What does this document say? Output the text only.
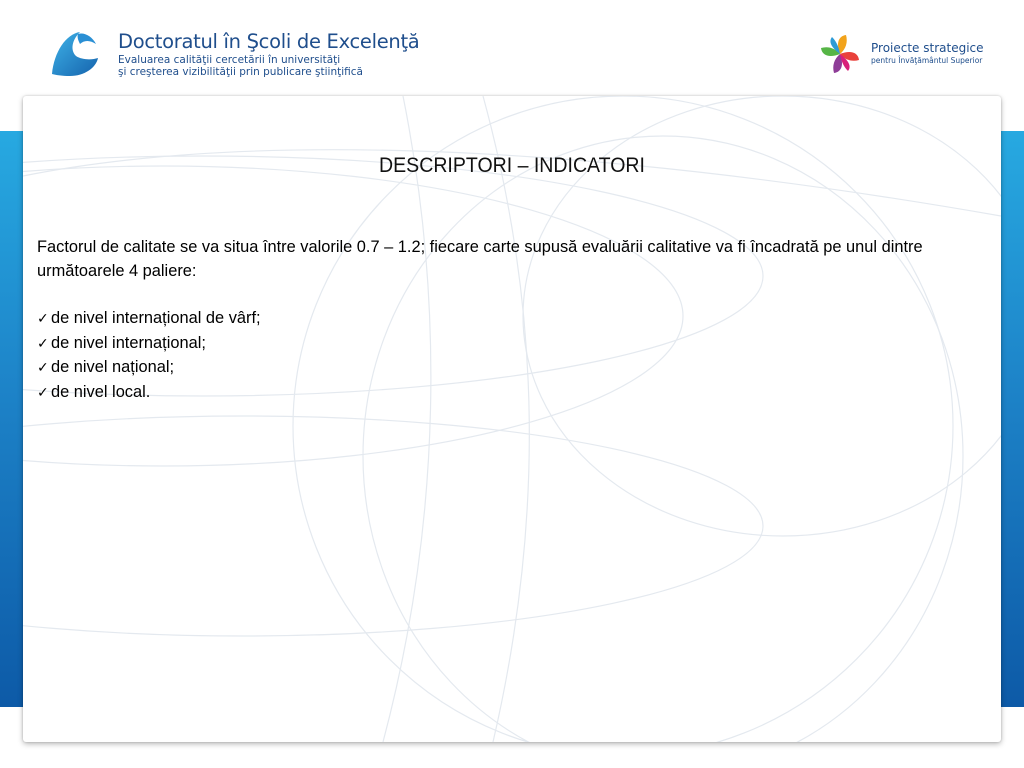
Doctoratul în Şcoli de Excelenţă
Evaluarea calităţii cercetării în universităţi
şi creşterea vizibilităţii prin publicare ştiinţifică
Proiecte strategice
pentru Învăţământul Superior
DESCRIPTORI – INDICATORI

Factorul de calitate se va situa între valorile 0.7 – 1.2; fiecare carte supusă evaluării calitative va fi încadrată pe unul dintre următoarele 4 paliere:

✓ de nivel internațional de vârf;
✓ de nivel internațional;
✓ de nivel național;
✓ de nivel local.
